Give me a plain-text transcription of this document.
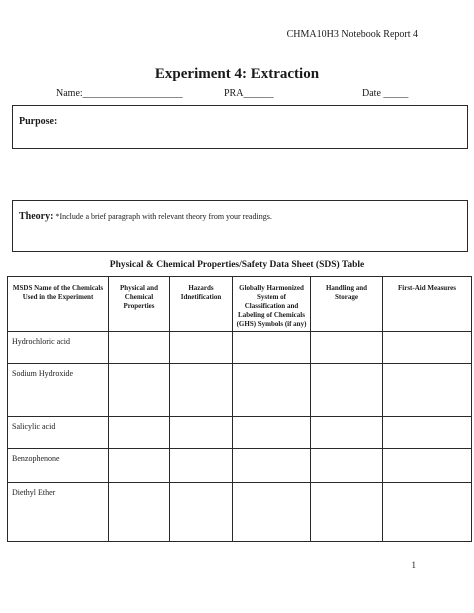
CHMA10H3 Notebook Report 4
Experiment 4: Extraction
Name:____________________	PRA______	Date _____
Purpose:
Theory: *Include a brief paragraph with relevant theory from your readings.
Physical & Chemical Properties/Safety Data Sheet (SDS) Table
MSDS Name of the Chemicals Used in the Experiment	Physical and Chemical Properties	Hazards Idnetification	Globally Harmonized System of Classification and Labeling of Chemicals (GHS) Symbols (if any)	Handling and Storage	First-Aid Measures
Hydrochloric acid					
Sodium Hydroxide					
Salicylic acid					
Benzophenone					
Diethyl Ether					
1
